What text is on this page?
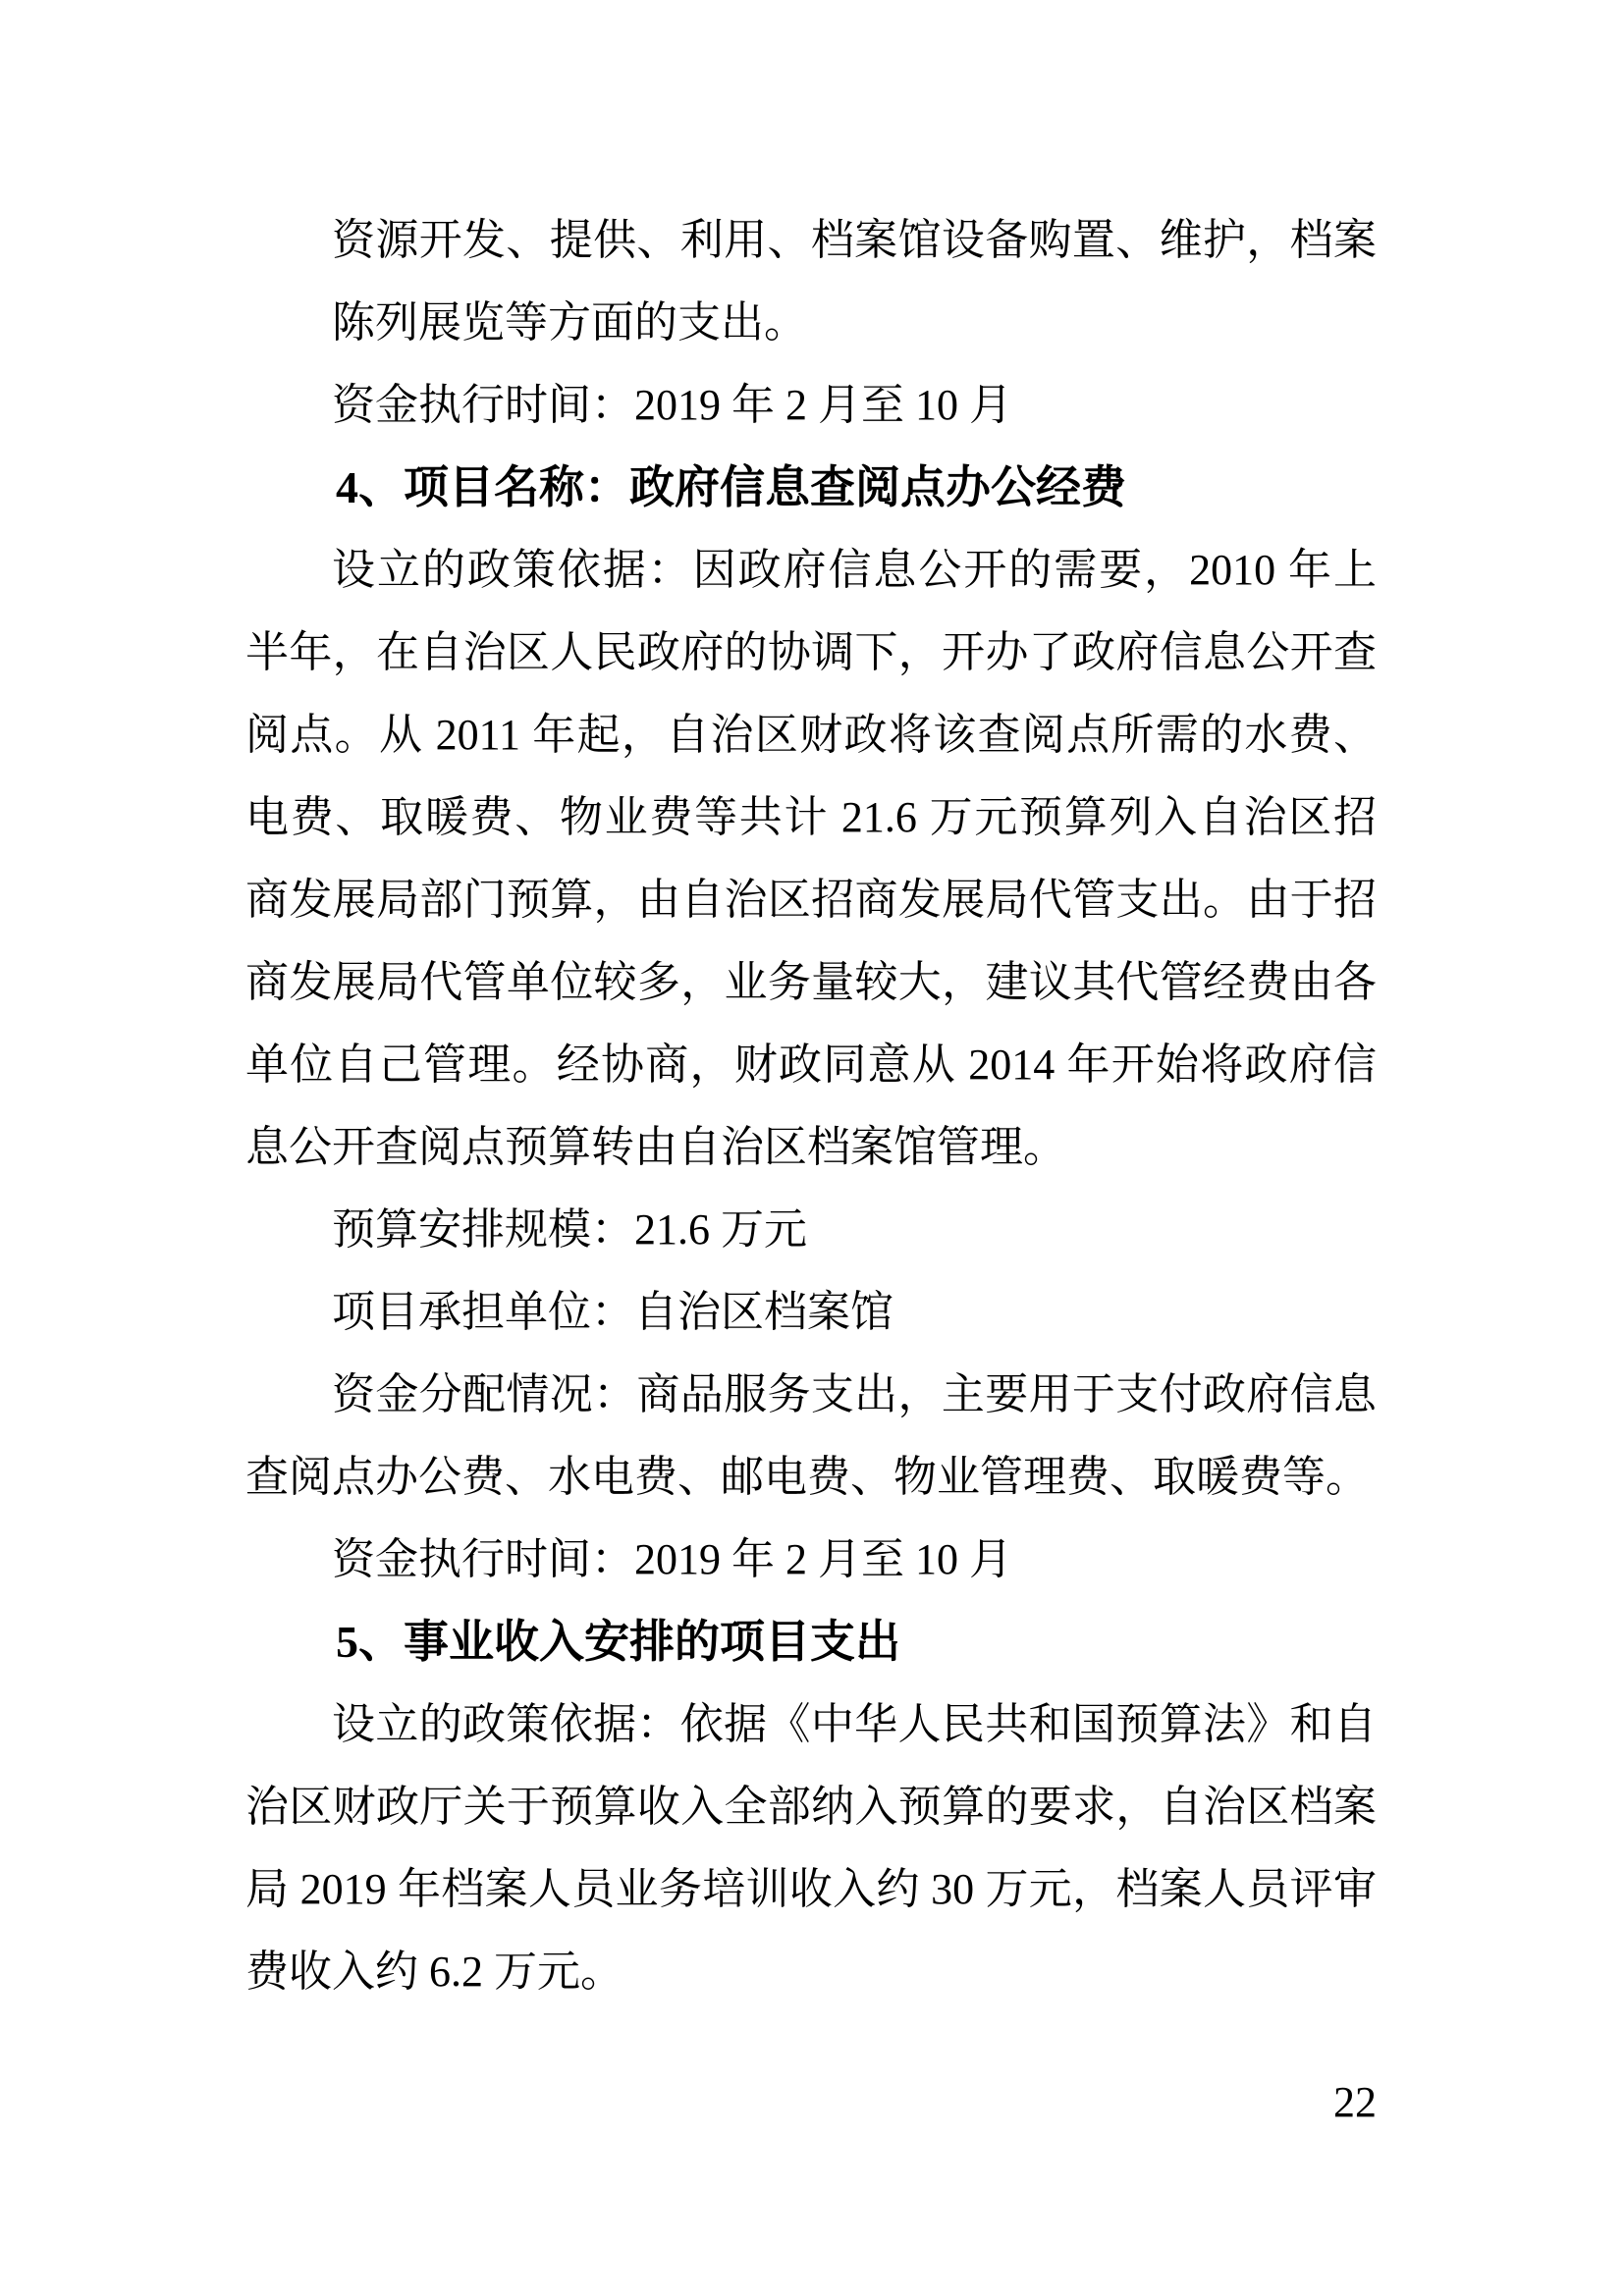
资源开发、提供、利用、档案馆设备购置、维护，档案陈列展览等方面的支出。

资金执行时间：2019 年 2 月至 10 月

4、项目名称：政府信息查阅点办公经费

设立的政策依据：因政府信息公开的需要，2010 年上半年，在自治区人民政府的协调下，开办了政府信息公开查阅点。从 2011 年起，自治区财政将该查阅点所需的水费、电费、取暖费、物业费等共计 21.6 万元预算列入自治区招商发展局部门预算，由自治区招商发展局代管支出。由于招商发展局代管单位较多，业务量较大，建议其代管经费由各单位自己管理。经协商，财政同意从 2014 年开始将政府信息公开查阅点预算转由自治区档案馆管理。

预算安排规模：21.6 万元

项目承担单位：自治区档案馆

资金分配情况：商品服务支出，主要用于支付政府信息查阅点办公费、水电费、邮电费、物业管理费、取暖费等。

资金执行时间：2019 年 2 月至 10 月

5、事业收入安排的项目支出

设立的政策依据：依据《中华人民共和国预算法》和自治区财政厅关于预算收入全部纳入预算的要求，自治区档案局 2019 年档案人员业务培训收入约 30 万元，档案人员评审费收入约 6.2 万元。

22
